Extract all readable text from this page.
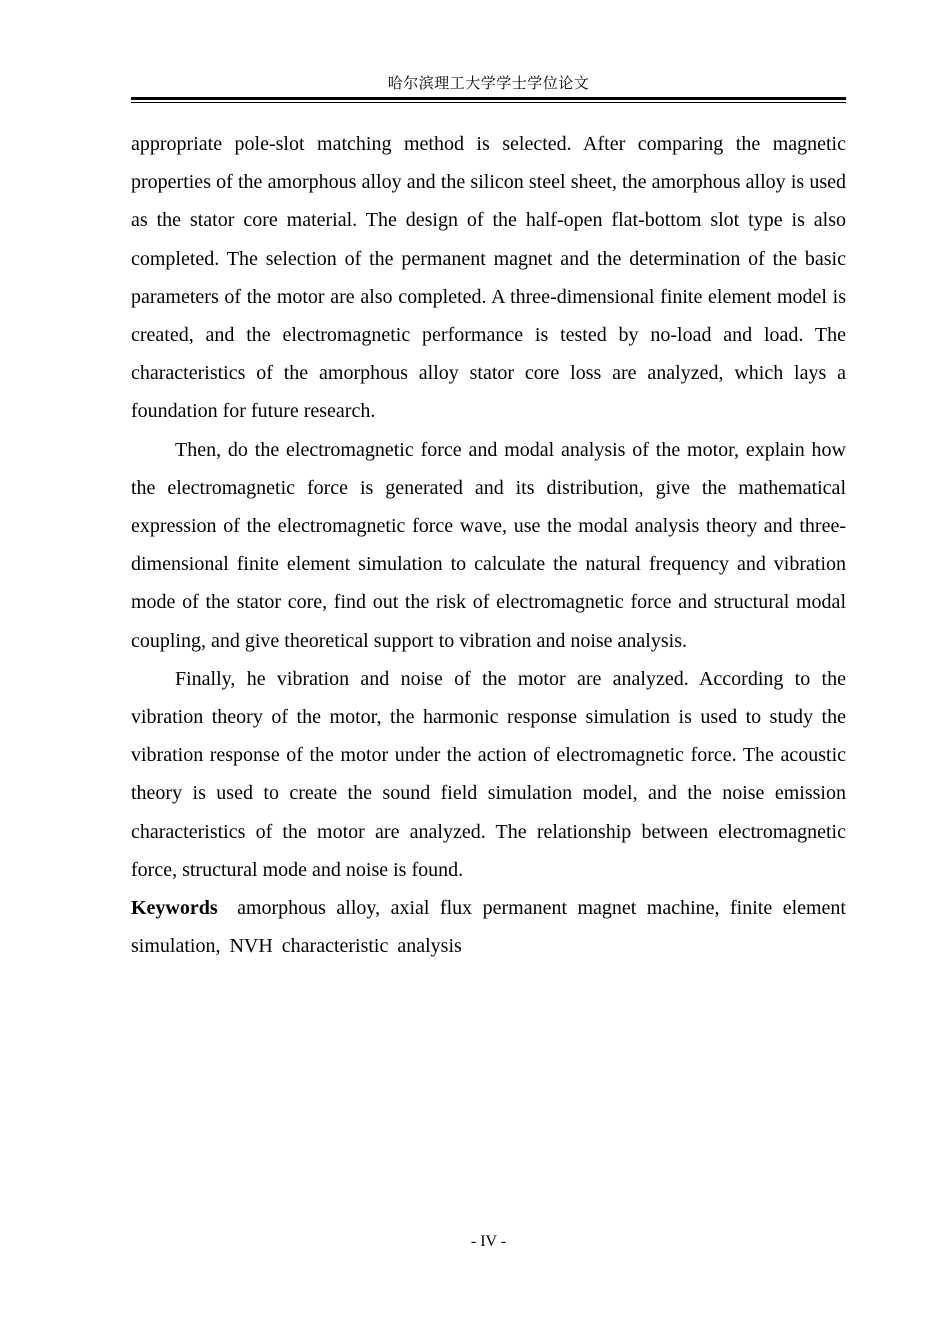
哈尔滨理工大学学士学位论文

appropriate pole-slot matching method is selected. After comparing the magnetic properties of the amorphous alloy and the silicon steel sheet, the amorphous alloy is used as the stator core material. The design of the half-open flat-bottom slot type is also completed. The selection of the permanent magnet and the determination of the basic parameters of the motor are also completed. A three-dimensional finite element model is created, and the electromagnetic performance is tested by no-load and load. The characteristics of the amorphous alloy stator core loss are analyzed, which lays a foundation for future research.

Then, do the electromagnetic force and modal analysis of the motor, explain how the electromagnetic force is generated and its distribution, give the mathematical expression of the electromagnetic force wave, use the modal analysis theory and three-dimensional finite element simulation to calculate the natural frequency and vibration mode of the stator core, find out the risk of electromagnetic force and structural modal coupling, and give theoretical support to vibration and noise analysis.

Finally, he vibration and noise of the motor are analyzed. According to the vibration theory of the motor, the harmonic response simulation is used to study the vibration response of the motor under the action of electromagnetic force. The acoustic theory is used to create the sound field simulation model, and the noise emission characteristics of the motor are analyzed. The relationship between electromagnetic force, structural mode and noise is found.

Keywords amorphous alloy, axial flux permanent magnet machine, finite element simulation, NVH characteristic analysis

- IV -
